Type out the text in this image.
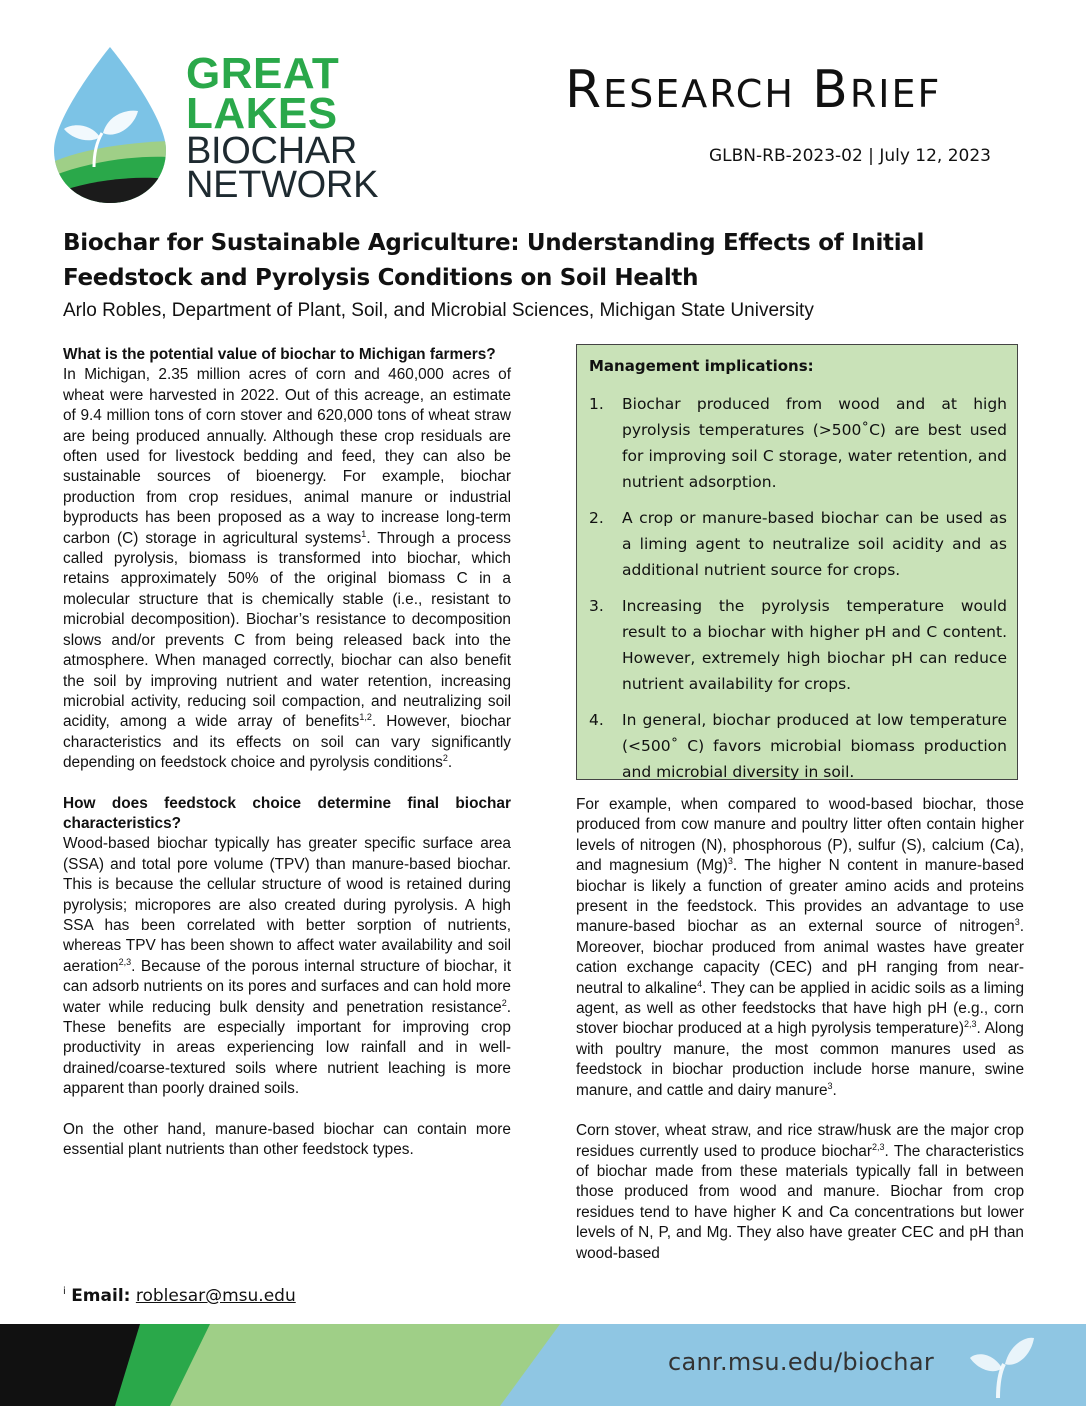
GREAT
LAKES
BIOCHAR
NETWORK
RESEARCH BRIEF
GLBN-RB-2023-02 | July 12, 2023
Biochar for Sustainable Agriculture: Understanding Effects of Initial Feedstock and Pyrolysis Conditions on Soil Health
Arlo Robles, Department of Plant, Soil, and Microbial Sciences, Michigan State University
What is the potential value of biochar to Michigan farmers?

In Michigan, 2.35 million acres of corn and 460,000 acres of wheat were harvested in 2022. Out of this acreage, an estimate of 9.4 million tons of corn stover and 620,000 tons of wheat straw are being produced annually. Although these crop residuals are often used for livestock bedding and feed, they can also be sustainable sources of bioenergy. For example, biochar production from crop residues, animal manure or industrial byproducts has been proposed as a way to increase long-term carbon (C) storage in agricultural systems$^1$. Through a process called pyrolysis, biomass is transformed into biochar, which retains approximately 50% of the original biomass C in a molecular structure that is chemically stable (i.e., resistant to microbial decomposition). Biochar’s resistance to decomposition slows and/or prevents C from being released back into the atmosphere. When managed correctly, biochar can also benefit the soil by improving nutrient and water retention, increasing microbial activity, reducing soil compaction, and neutralizing soil acidity, among a wide array of benefits$^{1,2}$. However, biochar characteristics and its effects on soil can vary significantly depending on feedstock choice and pyrolysis conditions$^2$.

How does feedstock choice determine final biochar characteristics?

Wood-based biochar typically has greater specific surface area (SSA) and total pore volume (TPV) than manure-based biochar. This is because the cellular structure of wood is retained during pyrolysis; micropores are also created during pyrolysis. A high SSA has been correlated with better sorption of nutrients, whereas TPV has been shown to affect water availability and soil aeration$^{2,3}$. Because of the porous internal structure of biochar, it can adsorb nutrients on its pores and surfaces and can hold more water while reducing bulk density and penetration resistance$^2$. These benefits are especially important for improving crop productivity in areas experiencing low rainfall and in well-drained/coarse-textured soils where nutrient leaching is more apparent than poorly drained soils.

On the other hand, manure-based biochar can contain more essential plant nutrients than other feedstock types.

Management implications:
1.	Biochar produced from wood and at high pyrolysis temperatures (>500˚C) are best used for improving soil C storage, water retention, and nutrient adsorption.
2.	A crop or manure-based biochar can be used as a liming agent to neutralize soil acidity and as additional nutrient source for crops.
3.	Increasing the pyrolysis temperature would result to a biochar with higher pH and C content. However, extremely high biochar pH can reduce nutrient availability for crops.
4.	In general, biochar produced at low temperature (<500˚ C) favors microbial biomass production and microbial diversity in soil.

For example, when compared to wood-based biochar, those produced from cow manure and poultry litter often contain higher levels of nitrogen (N), phosphorous (P), sulfur (S), calcium (Ca), and magnesium $(Mg)^3$. The higher N content in manure-based biochar is likely a function of greater amino acids and proteins present in the feedstock. This provides an advantage to use manure-based biochar as an external source of nitrogen$^3$. Moreover, biochar produced from animal wastes have greater cation exchange capacity (CEC) and pH ranging from near-neutral to alkaline$^4$. They can be applied in acidic soils as a liming agent, as well as other feedstocks that have high pH (e.g., corn stover biochar produced at a high pyrolysis temperature)$^{2,3}$. Along with poultry manure, the most common manures used as feedstock in biochar production include horse manure, swine manure, and cattle and dairy manure$^3$.

Corn stover, wheat straw, and rice straw/husk are the major crop residues currently used to produce biochar$^{2,3}$. The characteristics of biochar made from these materials typically fall in between those produced from wood and manure. Biochar from crop residues tend to have higher K and Ca concentrations but lower levels of N, P, and Mg. They also have greater CEC and pH than wood-based

$^i$ Email: roblesar@msu.edu
canr.msu.edu/biochar
